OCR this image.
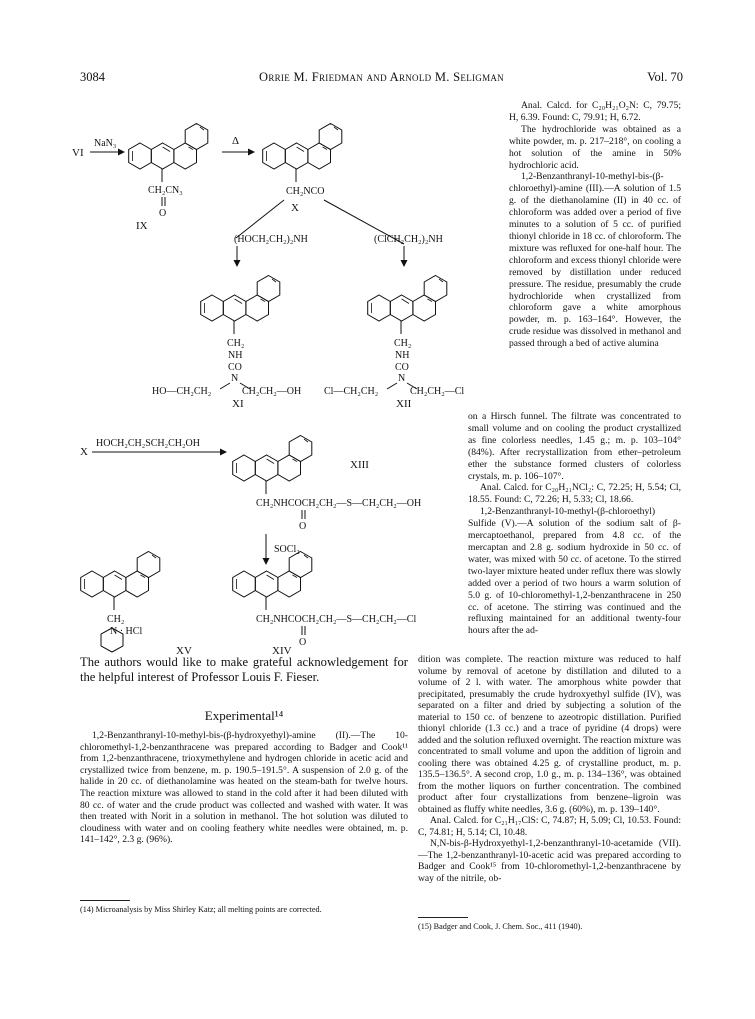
3084	Orrie M. Friedman and Arnold M. Seligman	Vol. 70
VI
NaN₃
CH₂CN₃
O
IX
Δ
CH₂NCO
X
(HOCH₂CH₂)₂NH	(ClCH₂CH₂)₂NH
CH₂
NH
CO
N
HO—CH₂CH₂	CH₂CH₂—OH
XI
CH₂
NH
CO
N
Cl—CH₂CH₂	CH₂CH₂—Cl
XII
X
HOCH₂CH₂SCH₂CH₂OH
XIII
CH₂NHCOCH₂CH₂—S—CH₂CH₂—OH
O
SOCl₂
CH₂
N · HCl
XV
CH₂NHCOCH₂CH₂—S—CH₂CH₂—Cl
O
XIV

Anal. Calcd. for C₂₀H₂₁O₂N: C, 79.75; H, 6.39. Found: C, 79.91; H, 6.72.

The hydrochloride was obtained as a white powder, m. p. 217–218°, on cooling a hot solution of the amine in 50% hydrochloric acid.

1,2-Benzanthranyl-10-methyl-bis-(β-chloroethyl)-amine (III).—A solution of 1.5 g. of the diethanolamine (II) in 40 cc. of chloroform was added over a period of five minutes to a solution of 5 cc. of purified thionyl chloride in 18 cc. of chloroform. The mixture was refluxed for one-half hour. The chloroform and excess thionyl chloride were removed by distillation under reduced pressure. The residue, presumably the crude hydrochloride when crystallized from chloroform gave a white amorphous powder, m. p. 163–164°. However, the crude residue was dissolved in methanol and passed through a bed of active alumina

on a Hirsch funnel. The filtrate was concentrated to small volume and on cooling the product crystallized as fine colorless needles, 1.45 g.; m. p. 103–104° (84%). After recrystallization from ether–petroleum ether the substance formed clusters of colorless crystals, m. p. 106–107°.

Anal. Calcd. for C₂₀H₂₁NCl₂: C, 72.25; H, 5.54; Cl, 18.55. Found: C, 72.26; H, 5.33; Cl, 18.66.

1,2-Benzanthranyl-10-methyl-(β-chloroethyl) Sulfide (V).—A solution of the sodium salt of β-mercaptoethanol, prepared from 4.8 cc. of the mercaptan and 2.8 g. sodium hydroxide in 50 cc. of water, was mixed with 50 cc. of acetone. To the stirred two-layer mixture heated under reflux there was slowly added over a period of two hours a warm solution of 5.0 g. of 10-chloromethyl-1,2-benzanthracene in 250 cc. of acetone. The stirring was continued and the refluxing maintained for an additional twenty-four hours after the ad-

dition was complete. The reaction mixture was reduced to half volume by removal of acetone by distillation and diluted to a volume of 2 l. with water. The amorphous white powder that precipitated, presumably the crude hydroxyethyl sulfide (IV), was separated on a filter and dried by subjecting a solution of the material to 150 cc. of benzene to azeotropic distillation. Purified thionyl chloride (1.3 cc.) and a trace of pyridine (4 drops) were added and the solution refluxed overnight. The reaction mixture was concentrated to small volume and upon the addition of ligroin and cooling there was obtained 4.25 g. of crystalline product, m. p. 135.5–136.5°. A second crop, 1.0 g., m. p. 134–136°, was obtained from the mother liquors on further concentration. The combined product after four crystallizations from benzene–ligroin was obtained as fluffy white needles, 3.6 g. (60%), m. p. 139–140°.

Anal. Calcd. for C₂₁H₁₇ClS: C, 74.87; H, 5.09; Cl, 10.53. Found: C, 74.81; H, 5.14; Cl, 10.48.

N,N-bis-β-Hydroxyethyl-1,2-benzanthranyl-10-acetamide (VII).—The 1,2-benzanthranyl-10-acetic acid was prepared according to Badger and Cook¹⁵ from 10-chloromethyl-1,2-benzanthracene by way of the nitrile, ob-

The authors would like to make grateful acknowledgement for the helpful interest of Professor Louis F. Fieser.
Experimental¹⁴

1,2-Benzanthranyl-10-methyl-bis-(β-hydroxyethyl)-amine (II).—The 10-chloromethyl-1,2-benzanthracene was prepared according to Badger and Cook¹¹ from 1,2-benzanthracene, trioxymethylene and hydrogen chloride in acetic acid and crystallized twice from benzene, m. p. 190.5–191.5°. A suspension of 2.0 g. of the halide in 20 cc. of diethanolamine was heated on the steam-bath for twelve hours. The reaction mixture was allowed to stand in the cold after it had been diluted with 80 cc. of water and the crude product was collected and washed with water. It was then treated with Norit in a solution in methanol. The hot solution was diluted to cloudiness with water and on cooling feathery white needles were obtained, m. p. 141–142°, 2.3 g. (96%).

(14) Microanalysis by Miss Shirley Katz; all melting points are corrected.
(15) Badger and Cook, J. Chem. Soc., 411 (1940).
